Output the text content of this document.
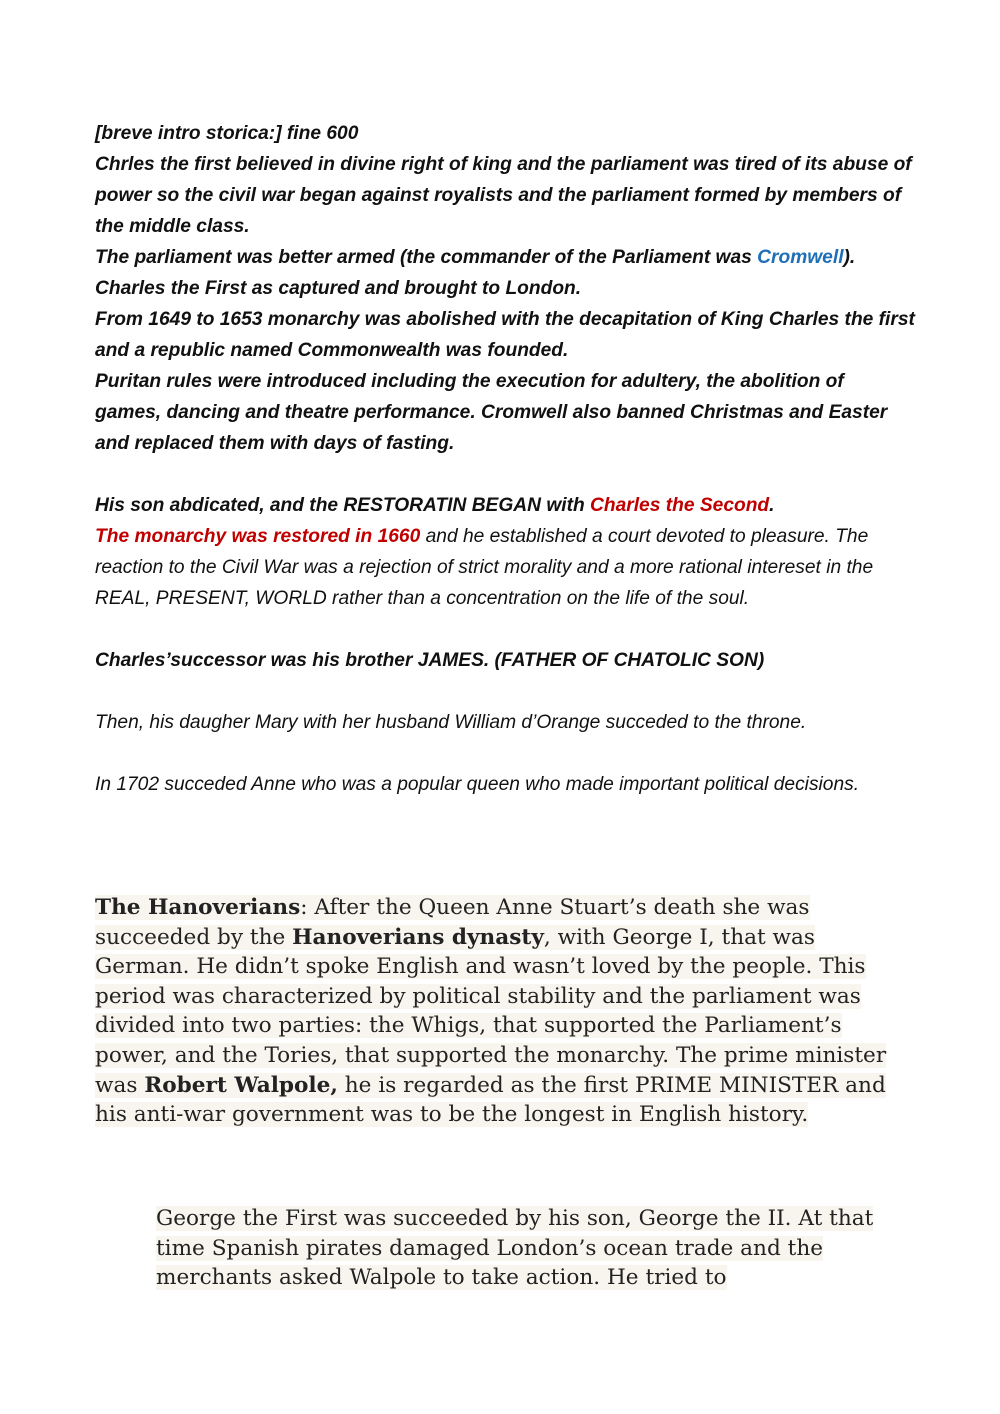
[breve intro storica:] fine 600

Chrles the first believed in divine right of king and the parliament was tired of its abuse of power so the civil war began against royalists and the parliament formed by members of the middle class.

The parliament was better armed (the commander of the Parliament was Cromwell). Charles the First as captured and brought to London.

From 1649 to 1653 monarchy was abolished with the decapitation of King Charles the first and a republic named Commonwealth was founded.

Puritan rules were introduced including the execution for adultery, the abolition of games, dancing and theatre performance. Cromwell also banned Christmas and Easter and replaced them with days of fasting.

His son abdicated, and the RESTORATIN BEGAN with Charles the Second.
The monarchy was restored in 1660 and he established a court devoted to pleasure. The reaction to the Civil War was a rejection of strict morality and a more rational intereset in the REAL, PRESENT, WORLD rather than a concentration on the life of the soul.

Charles’successor was his brother JAMES. (FATHER OF CHATOLIC SON)

Then, his daugher Mary with her husband William d’Orange succeded to the throne.

In 1702 succeded Anne who was a popular queen who made important political decisions.

The Hanoverians: After the Queen Anne Stuart’s death she was succeeded by the Hanoverians dynasty, with George I, that was German. He didn’t spoke English and wasn’t loved by the people. This period was characterized by political stability and the parliament was divided into two parties: the Whigs, that supported the Parliament’s power, and the Tories, that supported the monarchy. The prime minister was Robert Walpole, he is regarded as the first PRIME MINISTER and his anti-war government was to be the longest in English history.
George the First was succeeded by his son, George the II. At that time Spanish pirates damaged London’s ocean trade and the merchants asked Walpole to take action. He tried to
